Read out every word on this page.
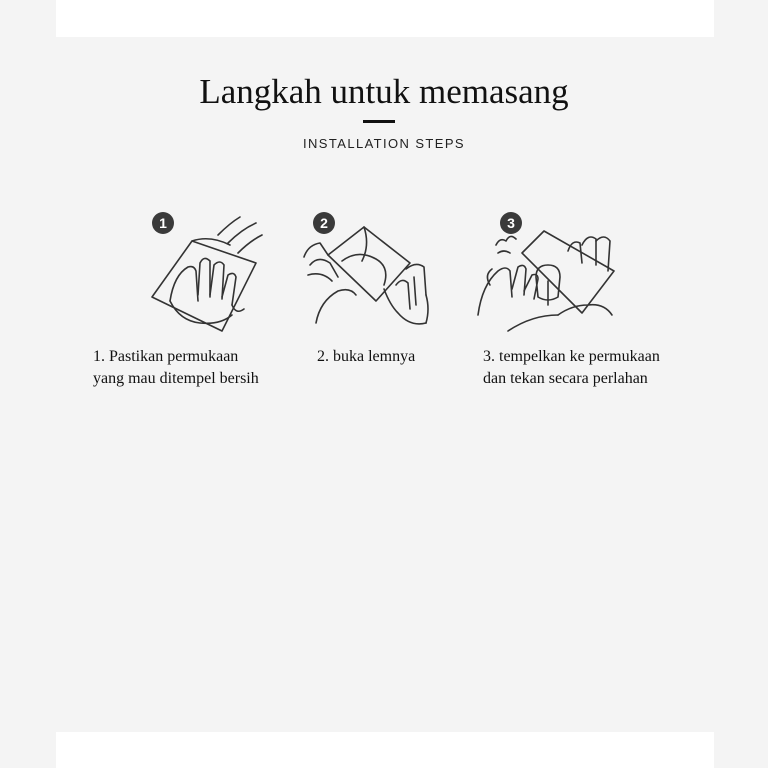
Langkah untuk memasang
INSTALLATION STEPS
1
1. Pastikan permukaan
yang mau ditempel bersih
2
2. buka lemnya
3
3. tempelkan ke permukaan
dan tekan secara perlahan
